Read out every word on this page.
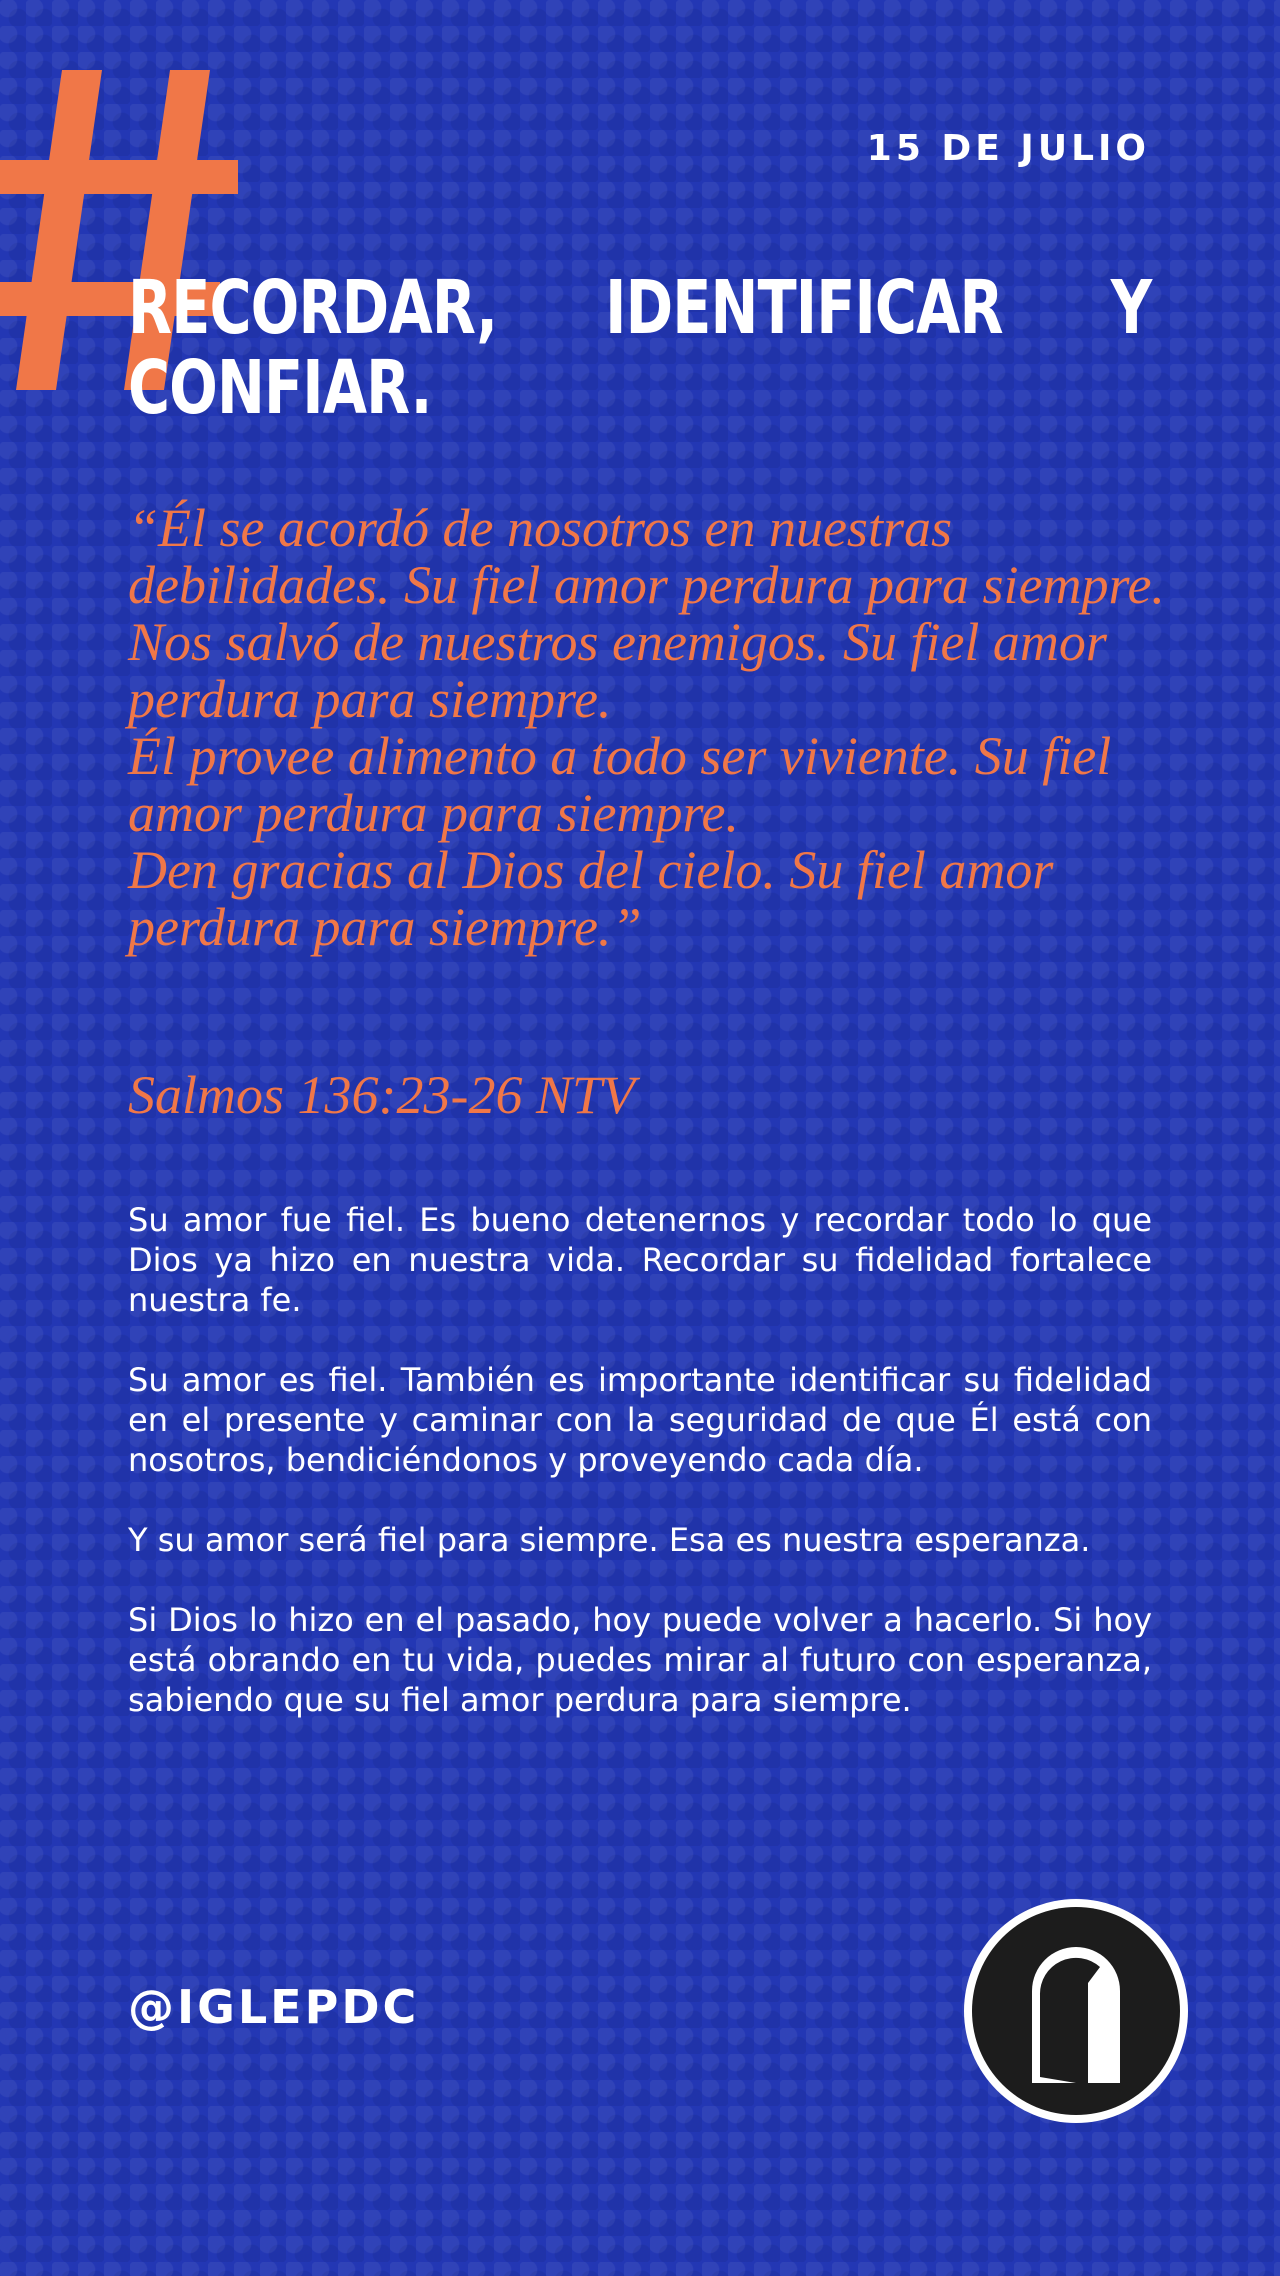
15 DE JULIO
RECORDAR, IDENTIFICAR Y CONFIAR.
“Él se acordó de nosotros en nuestras debilidades. Su fiel amor perdura para siempre.
Nos salvó de nuestros enemigos. Su fiel amor perdura para siempre.
Él provee alimento a todo ser viviente. Su fiel amor perdura para siempre.
Den gracias al Dios del cielo. Su fiel amor perdura para siempre.”
Salmos 136:23-26 NTV

Su amor fue fiel. Es bueno detenernos y recordar todo lo que Dios ya hizo en nuestra vida. Recordar su fidelidad fortalece nuestra fe.

Su amor es fiel. También es importante identificar su fidelidad en el presente y caminar con la seguridad de que Él está con nosotros, bendiciéndonos y proveyendo cada día.

Y su amor será fiel para siempre. Esa es nuestra esperanza.

Si Dios lo hizo en el pasado, hoy puede volver a hacerlo. Si hoy está obrando en tu vida, puedes mirar al futuro con esperanza, sabiendo que su fiel amor perdura para siempre.

@IGLEPDC
